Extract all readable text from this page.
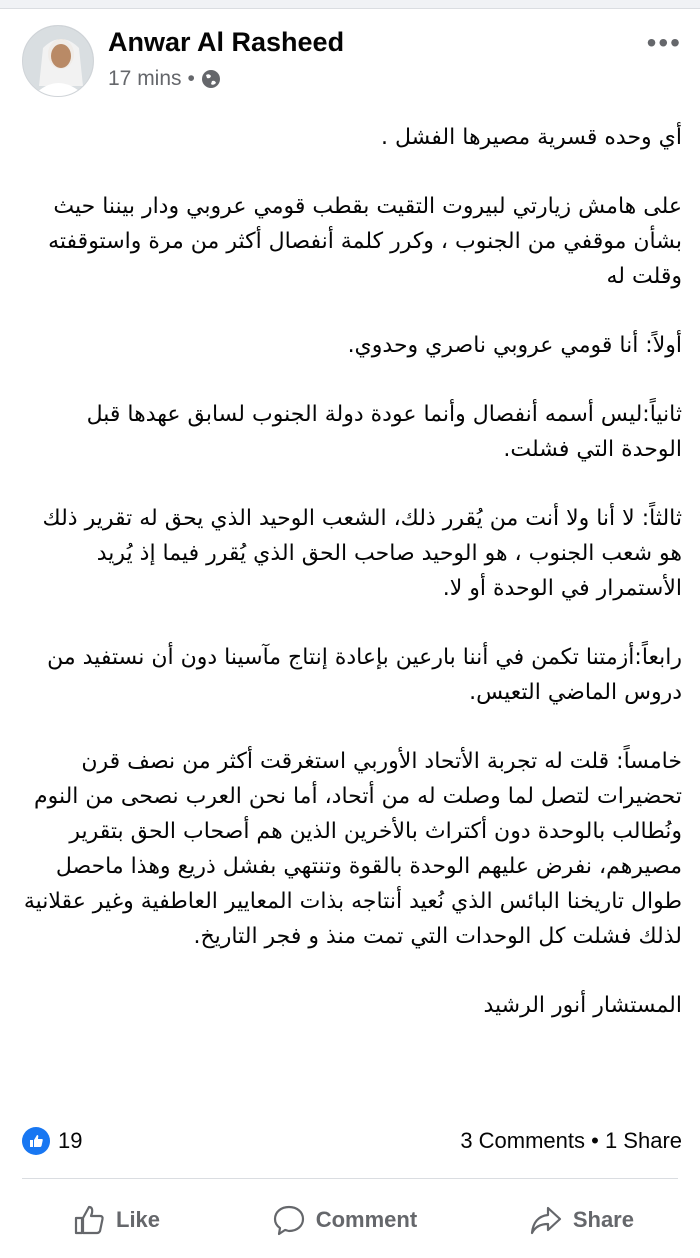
Anwar Al Rasheed
17 mins •
•••

أي وحده قسرية مصيرها الفشل .

على هامش زيارتي لبيروت التقيت بقطب قومي عروبي ودار بيننا حيث بشأن موقفي من الجنوب ، وكرر كلمة أنفصال أكثر من مرة واستوقفته وقلت له

أولاً: أنا قومي عروبي ناصري وحدوي.

ثانياً:ليس أسمه أنفصال وأنما عودة دولة الجنوب لسابق عهدها قبل الوحدة التي فشلت.

ثالثاً: لا أنا ولا أنت من يُقرر ذلك، الشعب الوحيد الذي يحق له تقرير ذلك هو شعب الجنوب ، هو الوحيد صاحب الحق الذي يُقرر فيما إذ يُريد الأستمرار في الوحدة أو لا.

رابعاً:أزمتنا تكمن في أننا بارعين بإعادة إنتاج مآسينا دون أن نستفيد من دروس الماضي التعيس.

خامساً: قلت له تجربة الأتحاد الأوربي استغرقت أكثر من نصف قرن تحضيرات لتصل لما وصلت له من أتحاد، أما نحن العرب نصحى من النوم ونُطالب بالوحدة دون أكتراث بالأخرين الذين هم أصحاب الحق بتقرير مصيرهم، نفرض عليهم الوحدة بالقوة وتنتهي بفشل ذريع وهذا ماحصل طوال تاريخنا البائس الذي نُعيد أنتاجه بذات المعايير العاطفية وغير عقلانية لذلك فشلت كل الوحدات التي تمت منذ و فجر التاريخ.

المستشار أنور الرشيد

19	3 Comments • 1 Share
Like	Comment	Share
